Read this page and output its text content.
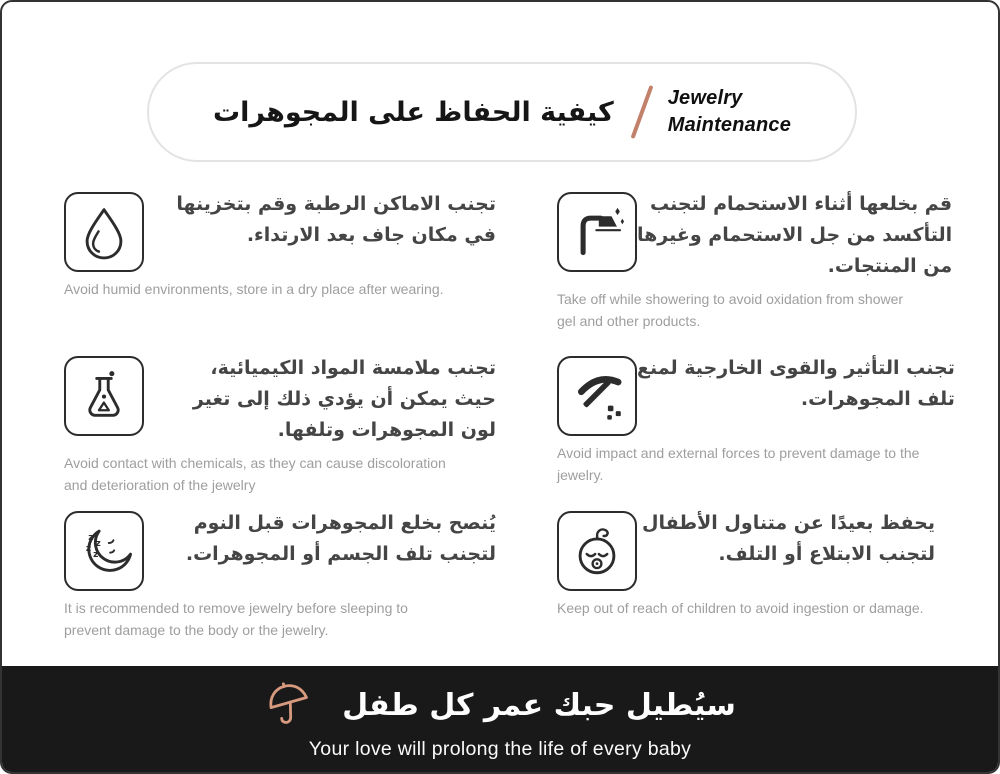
كيفية الحفاظ على المجوهرات	Jewelry
Maintenance
تجنب الاماكن الرطبة وقم بتخزينها
في مكان جاف بعد الارتداء.
Avoid humid environments, store in a dry place after wearing.
قم بخلعها أثناء الاستحمام لتجنب
التأكسد من جل الاستحمام وغيرها
من المنتجات.
Take off while showering to avoid oxidation from shower
gel and other products.
تجنب ملامسة المواد الكيميائية،
حيث يمكن أن يؤدي ذلك إلى تغير
لون المجوهرات وتلفها.
Avoid contact with chemicals, as they can cause discoloration
and deterioration of the jewelry
تجنب التأثير والقوى الخارجية لمنع
تلف المجوهرات.
Avoid impact and external forces to prevent damage to the
jewelry.
z
z
z
z
يُنصح بخلع المجوهرات قبل النوم
لتجنب تلف الجسم أو المجوهرات.
It is recommended to remove jewelry before sleeping to
prevent damage to the body or the jewelry.
يحفظ بعيدًا عن متناول الأطفال
لتجنب الابتلاع أو التلف.
Keep out of reach of children to avoid ingestion or damage.
سيُطيل حبك عمر كل طفل
Your love will prolong the life of every baby
